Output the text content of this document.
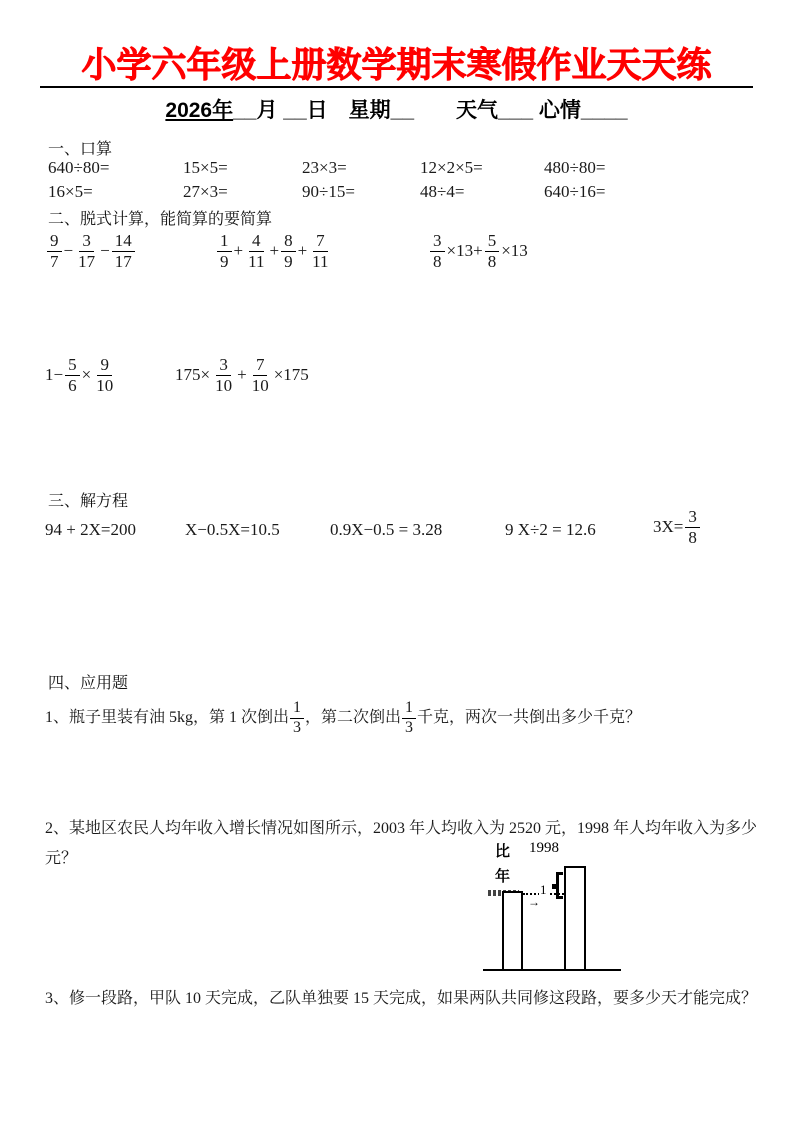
小学六年级上册数学期末寒假作业天天练
2026年__月 __日　星期__　　天气___ 心情____
一、口算
640÷80=	15×5=	23×3=	12×2×5=	480÷80=
16×5=	27×3=	90÷15=	48÷4=	640÷16=
二、脱式计算，能简算的要简算
$\frac{9}{7} - \frac{3}{17} - \frac{14}{17}$	$\frac{1}{9} + \frac{4}{11} + \frac{8}{9} + \frac{7}{11}$	$\frac{3}{8} \times 13+ \frac{5}{8} \times 13$
$1- \frac{5}{6} \times \frac{9}{10}$	$175\times \frac{3}{10} + \frac{7}{10} \times 175$
三、解方程
94 + 2X=200	X−0.5X=10.5	0.9X−0.5 = 3.28	9 X÷2 = 12.6	$3X= \frac{3}{8}$
四、应用题
1、瓶子里装有油 5kg，第 1 次倒出 $\frac{1}{3}$ ，第二次倒出 $\frac{1}{3}$ 千克，两次一共倒出多少千克？
2、某地区农民人均年收入增长情况如图所示，2003 年人均收入为 2520 元，1998 年人均年收入为多少元？	比 1998
年
1
→
3、修一段路，甲队 10 天完成，乙队单独要 15 天完成，如果两队共同修这段路，要多少天才能完成？
